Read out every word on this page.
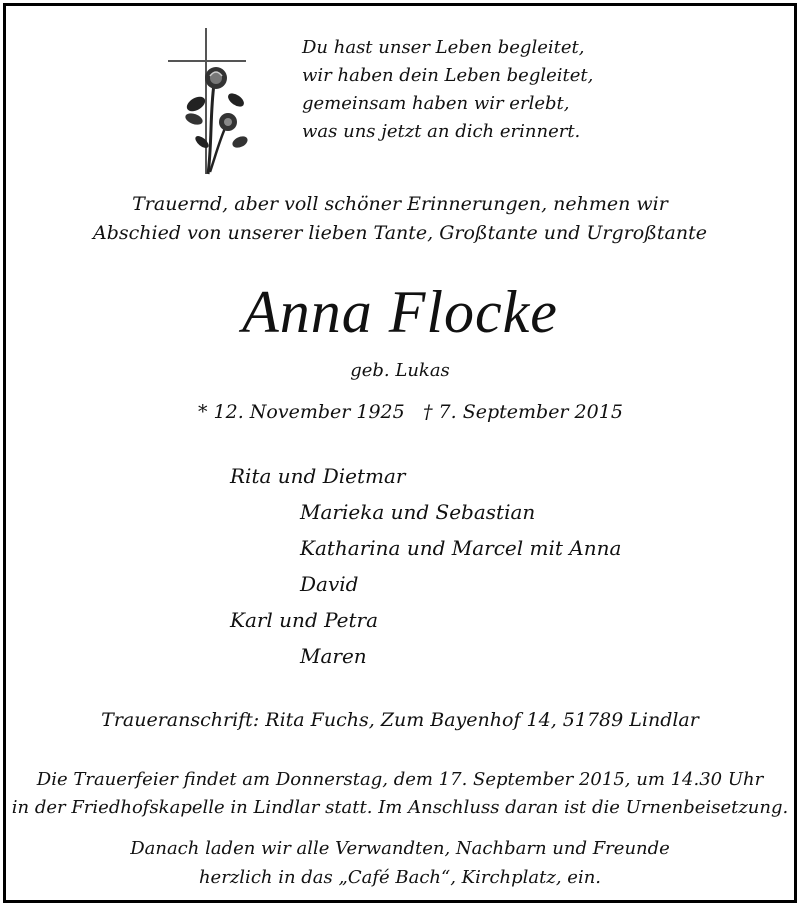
Du hast unser Leben begleitet,
wir haben dein Leben begleitet,
gemeinsam haben wir erlebt,
was uns jetzt an dich erinnert.
Trauernd, aber voll schöner Erinnerungen, nehmen wir
Abschied von unserer lieben Tante, Großtante und Urgroßtante
Anna Flocke
geb. Lukas
* 12. November 1925 † 7. September 2015
Rita und Dietmar
Marieka und Sebastian
Katharina und Marcel mit Anna
David
Karl und Petra
Maren
Traueranschrift: Rita Fuchs, Zum Bayenhof 14, 51789 Lindlar
Die Trauerfeier findet am Donnerstag, dem 17. September 2015, um 14.30 Uhr
in der Friedhofskapelle in Lindlar statt. Im Anschluss daran ist die Urnenbeisetzung.
Danach laden wir alle Verwandten, Nachbarn und Freunde
herzlich in das „Café Bach“, Kirchplatz, ein.
